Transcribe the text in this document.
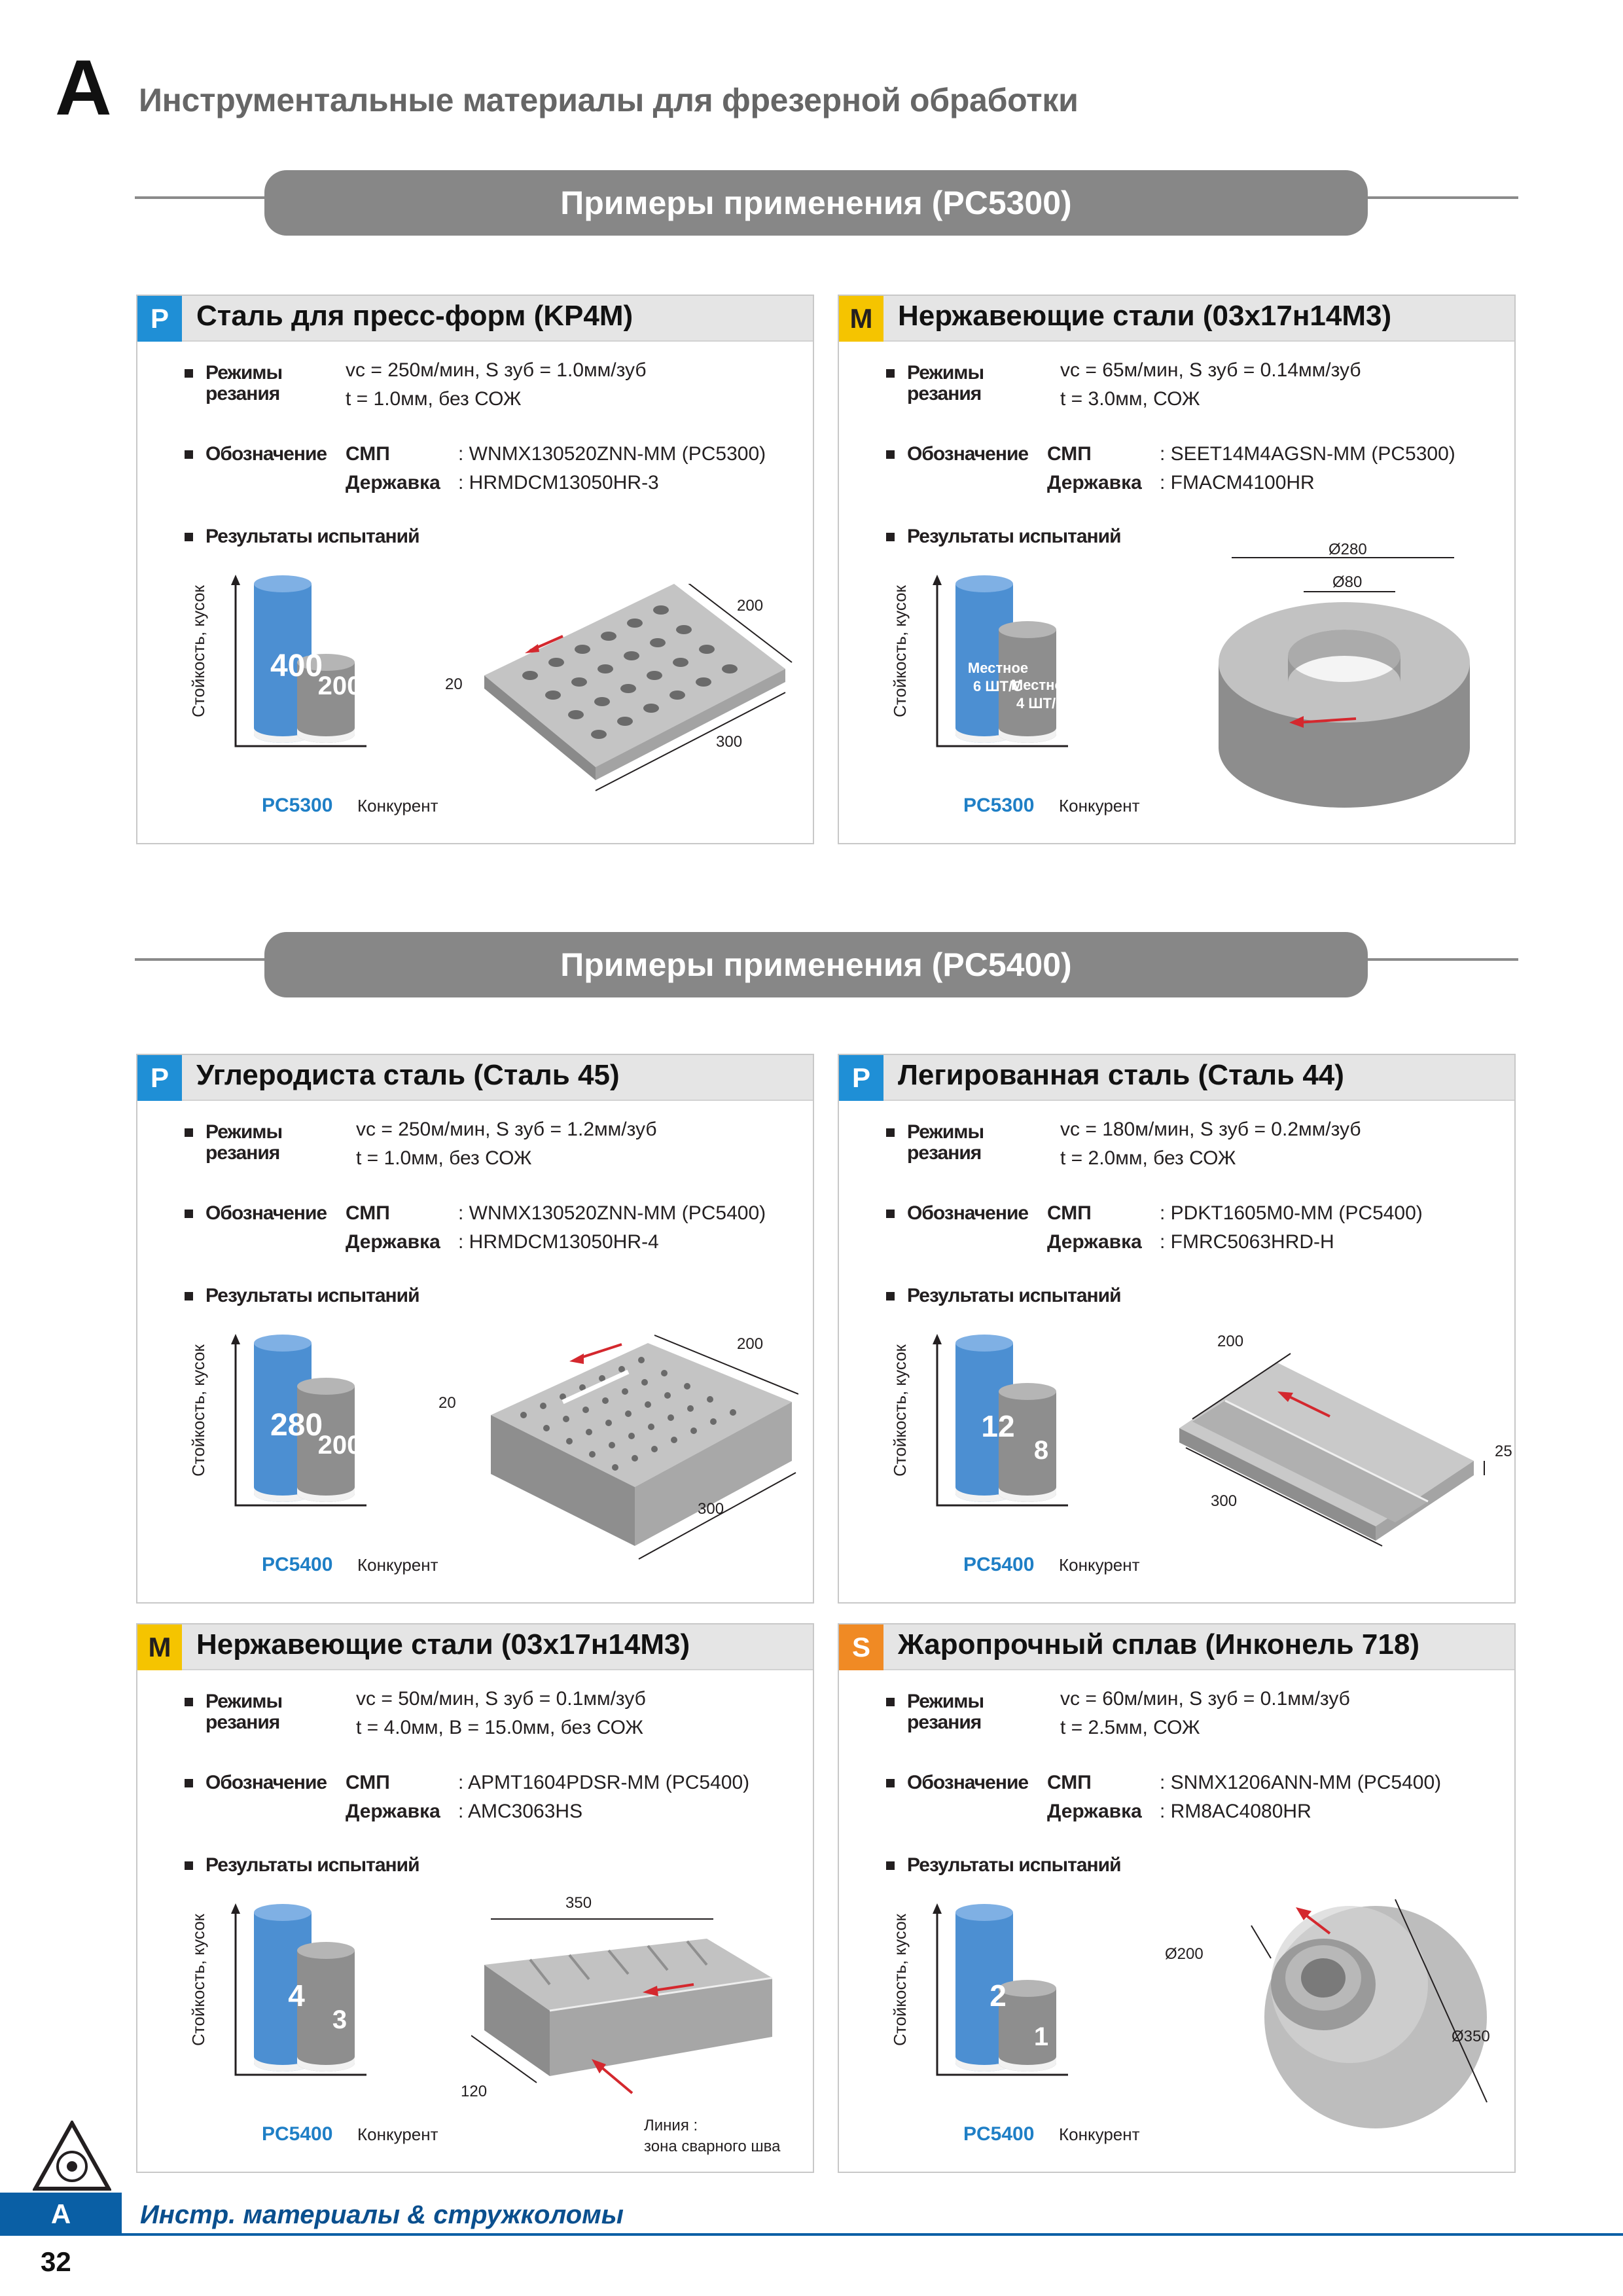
A Инструментальные материалы для фрезерной обработки
Примеры применения (PC5300)
Примеры применения (PC5400)
P Сталь для пресс-форм (KP4M)
Режимы
резания
vc = 250м/мин, S зуб = 1.0мм/зуб
t = 1.0мм, без СОЖ
Обозначение СМП	: WNMX130520ZNN-MM (PC5300)
Державка : HRMDCM13050HR-3
Результаты испытаний
Стойкость, кусок 400
200
PC5300 Конкурент
200
20
300
M Нержавеющие стали (03х17н14М3)
Режимы
резания
vc = 65м/мин, S зуб = 0.14мм/зуб
t = 3.0мм, СОЖ
Обозначение СМП	: SEET14M4AGSN-MM (PC5300)
Державка : FMACM4100HR
Результаты испытаний
Стойкость, кусок	Местное
6 ШТ/С
Местное
4 ШТ/С
PC5300 Конкурент
Ø280
Ø80
P Углеродиста сталь (Сталь 45)
Режимы
резания
vc = 250м/мин, S зуб = 1.2мм/зуб
t = 1.0мм, без СОЖ
Обозначение СМП	: WNMX130520ZNN-MM (PC5400)
Державка : HRMDCM13050HR-4
Результаты испытаний
Стойкость, кусок 280
200
PC5400 Конкурент
200
20
300
P Легированная сталь (Сталь 44)
Режимы
резания
vc = 180м/мин, S зуб = 0.2мм/зуб
t = 2.0мм, без СОЖ
Обозначение СМП	: PDKT1605M0-MM (PC5400)
Державка : FMRC5063HRD-H
Результаты испытаний
Стойкость, кусок	12
8
PC5400 Конкурент
200
25
300
M Нержавеющие стали (03х17н14М3)
Режимы
резания
vc = 50м/мин, S зуб = 0.1мм/зуб
t = 4.0мм, B = 15.0мм, без СОЖ
Обозначение СМП	: APMT1604PDSR-MM (PC5400)
Державка : AMC3063HS
Результаты испытаний
Стойкость, кусок	4
3
PC5400 Конкурент
350
120
Линия :
зона сварного шва
S Жаропрочный сплав (Инконель 718)
Режимы
резания
vc = 60м/мин, S зуб = 0.1мм/зуб
t = 2.5мм, СОЖ
Обозначение СМП	: SNMX1206ANN-MM (PC5400)
Державка : RM8AC4080HR
Результаты испытаний
Стойкость, кусок	2
1
PC5400 Конкурент
Ø200
Ø350
A	Инстр. материалы & стружколомы
32
